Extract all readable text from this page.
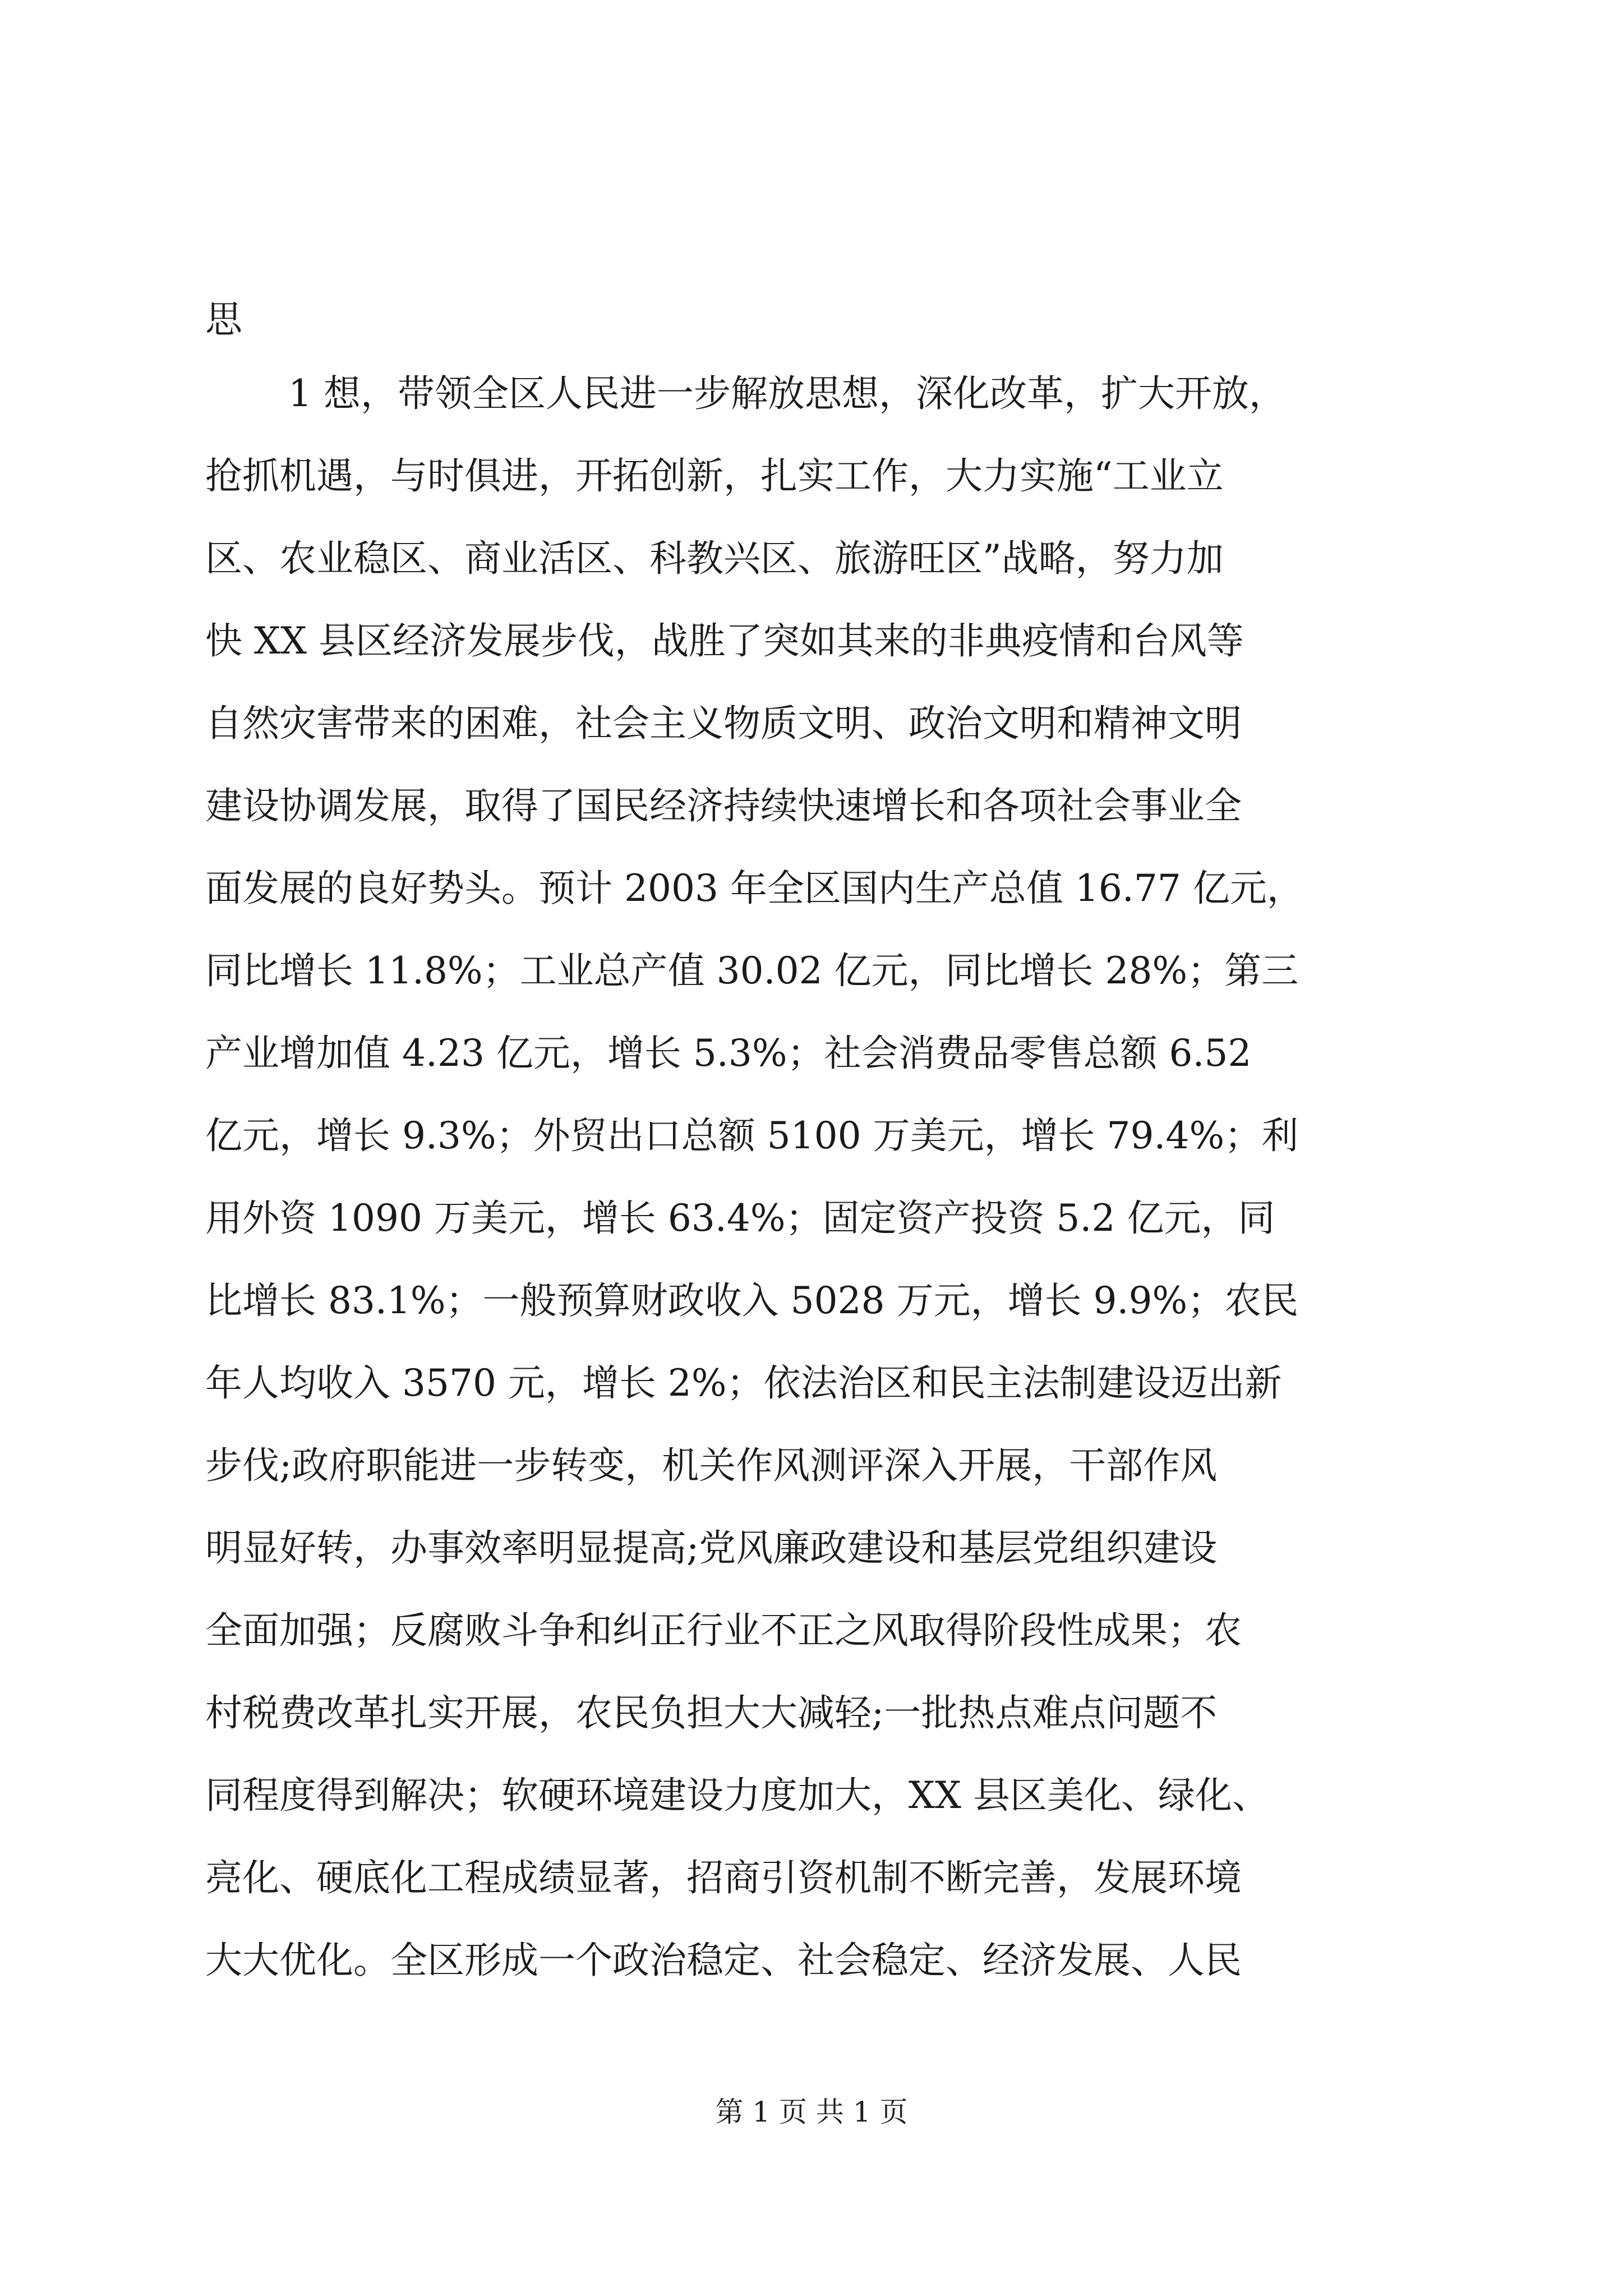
思
1 想，带领全区人民进一步解放思想，深化改革，扩大开放，
抢抓机遇，与时俱进，开拓创新，扎实工作，大力实施“工业立
区、农业稳区、商业活区、科教兴区、旅游旺区”战略，努力加
快 XX 县区经济发展步伐，战胜了突如其来的非典疫情和台风等
自然灾害带来的困难，社会主义物质文明、政治文明和精神文明
建设协调发展，取得了国民经济持续快速增长和各项社会事业全
面发展的良好势头。预计 2003 年全区国内生产总值 16.77 亿元，
同比增长 11.8%；工业总产值 30.02 亿元，同比增长 28%；第三
产业增加值 4.23 亿元，增长 5.3%；社会消费品零售总额 6.52
亿元，增长 9.3%；外贸出口总额 5100 万美元，增长 79.4%；利
用外资 1090 万美元，增长 63.4%；固定资产投资 5.2 亿元，同
比增长 83.1%；一般预算财政收入 5028 万元，增长 9.9%；农民
年人均收入 3570 元，增长 2%；依法治区和民主法制建设迈出新
步伐;政府职能进一步转变，机关作风测评深入开展，干部作风
明显好转，办事效率明显提高;党风廉政建设和基层党组织建设
全面加强；反腐败斗争和纠正行业不正之风取得阶段性成果；农
村税费改革扎实开展，农民负担大大减轻;一批热点难点问题不
同程度得到解决；软硬环境建设力度加大，XX 县区美化、绿化、
亮化、硬底化工程成绩显著，招商引资机制不断完善，发展环境
大大优化。全区形成一个政治稳定、社会稳定、经济发展、人民
第 1 页 共 1 页
